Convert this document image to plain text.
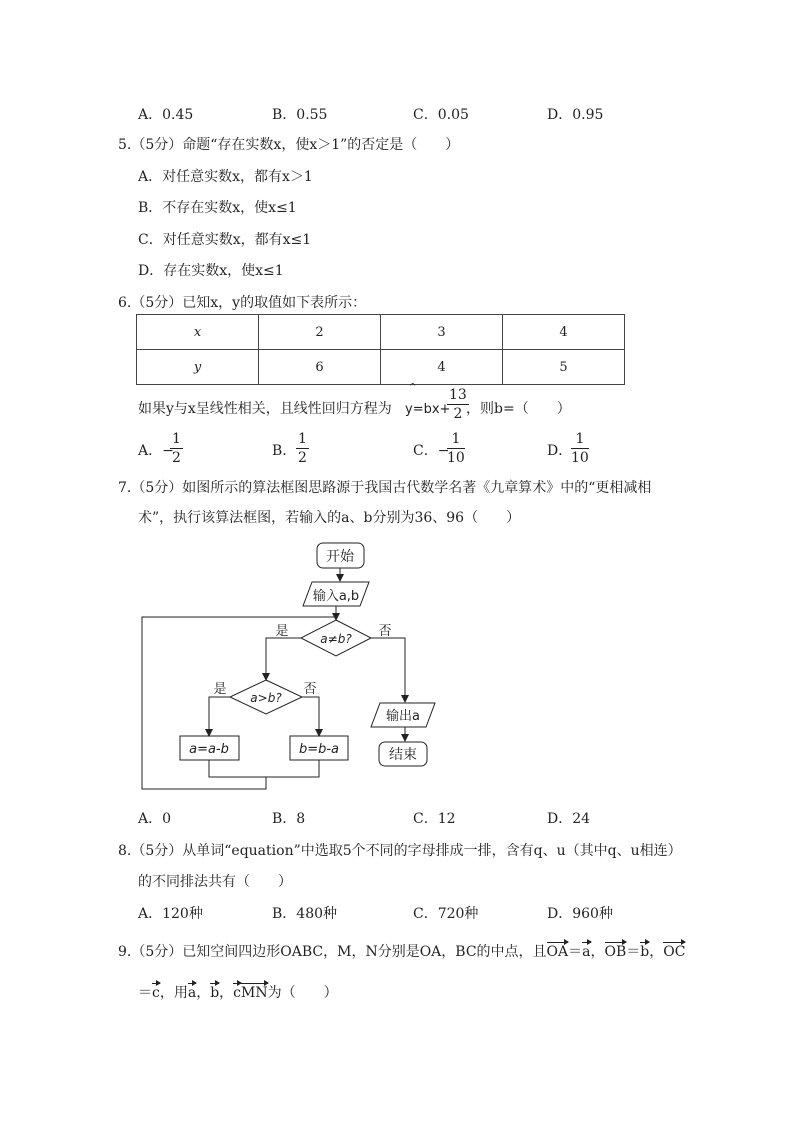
A．0.45	B．0.55	C．0.05	D．0.95
5.（5分）命题“存在实数x，使x＞1”的否定是（　　）
A．对任意实数x，都有x＞1
B．不存在实数x，使x≤1
C．对任意实数x，都有x≤1
D．存在实数x，使x≤1
6.（5分）已知x，y的取值如下表所示：
x	2	3	4
y	6	4	5
如果y与x呈线性相关，且线性回归方程为
^
y=bx+
$\frac{13}{2}$
，则b=（　　）
A．−
$\frac{1}{2}$	B． $\frac{1}{2}$	C．−
$\frac{1}{10}$	D．
$\frac{1}{10}$
7.（5分）如图所示的算法框图思路源于我国古代数学名著《九章算术》中的“更相减相
术”，执行该算法框图，若输入的a、b分别为36、96（　　）
开始
输入a,b
a≠b?
是	否
a>b?
是	否
a=a-b	b=b-a
输出a
结束
A．0	B．8	C．12	D．24
8.（5分）从单词“equation”中选取5个不同的字母排成一排，含有q、u（其中q、u相连）
的不同排法共有（　　）
A．120种	B．480种	C．720种	D．960种
9.（5分）已知空间四边形OABC，M，N分别是OA，BC的中点，且OA＝a，OB＝b，OC
＝c，用a，b，cMN为（　　）
